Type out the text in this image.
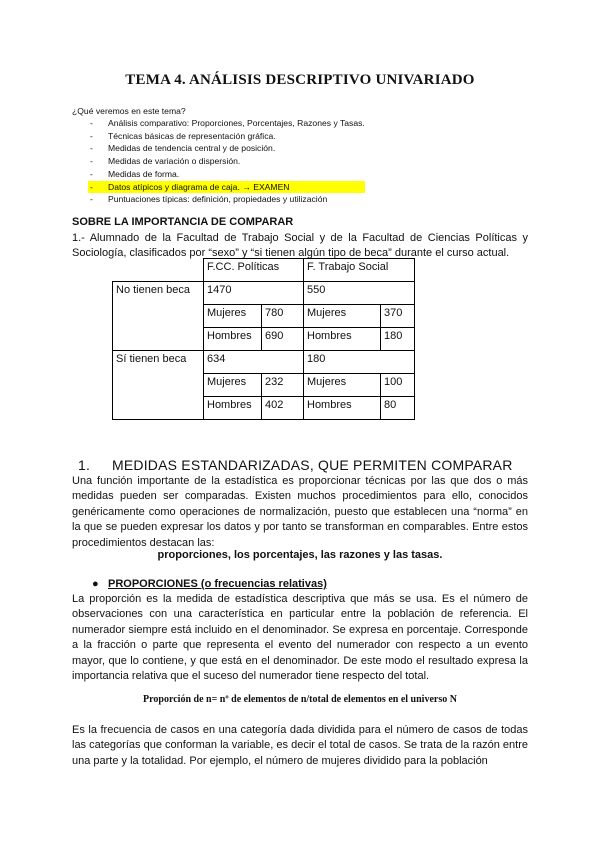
TEMA 4. ANÁLISIS DESCRIPTIVO UNIVARIADO
¿Qué veremos en este tema?
- Análisis comparativo: Proporciones, Porcentajes, Razones y Tasas.
- Técnicas básicas de representación gráfica.
- Medidas de tendencia central y de posición.
- Medidas de variación o dispersión.
- Medidas de forma.
- Datos atípicos y diagrama de caja. → EXAMEN
- Puntuaciones típicas: definición, propiedades y utilización
SOBRE LA IMPORTANCIA DE COMPARAR
1.- Alumnado de la Facultad de Trabajo Social y de la Facultad de Ciencias Políticas y Sociología, clasificados por “sexo” y “si tienen algún tipo de beca” durante el curso actual.
	F.CC. Políticas		F. Trabajo Social	
No tienen beca	1470		550	
	Mujeres	780	Mujeres	370
	Hombres	690	Hombres	180
Sí tienen beca	634		180	
	Mujeres	232	Mujeres	100
	Hombres	402	Hombres	80
1. MEDIDAS ESTANDARIZADAS, QUE PERMITEN COMPARAR
Una función importante de la estadística es proporcionar técnicas por las que dos o más medidas pueden ser comparadas. Existen muchos procedimientos para ello, conocidos genéricamente como operaciones de normalización, puesto que establecen una “norma” en la que se pueden expresar los datos y por tanto se transforman en comparables. Entre estos procedimientos destacan las:
proporciones, los porcentajes, las razones y las tasas.
● PROPORCIONES (o frecuencias relativas)
La proporción es la medida de estadística descriptiva que más se usa. Es el número de observaciones con una característica en particular entre la población de referencia. El numerador siempre está incluido en el denominador. Se expresa en porcentaje. Corresponde a la fracción o parte que representa el evento del numerador con respecto a un evento mayor, que lo contiene, y que está en el denominador. De este modo el resultado expresa la importancia relativa que el suceso del numerador tiene respecto del total.
Proporción de n= nº de elementos de n/total de elementos en el universo N
Es la frecuencia de casos en una categoría dada dividida para el número de casos de todas las categorías que conforman la variable, es decir el total de casos. Se trata de la razón entre una parte y la totalidad. Por ejemplo, el número de mujeres dividido para la población
